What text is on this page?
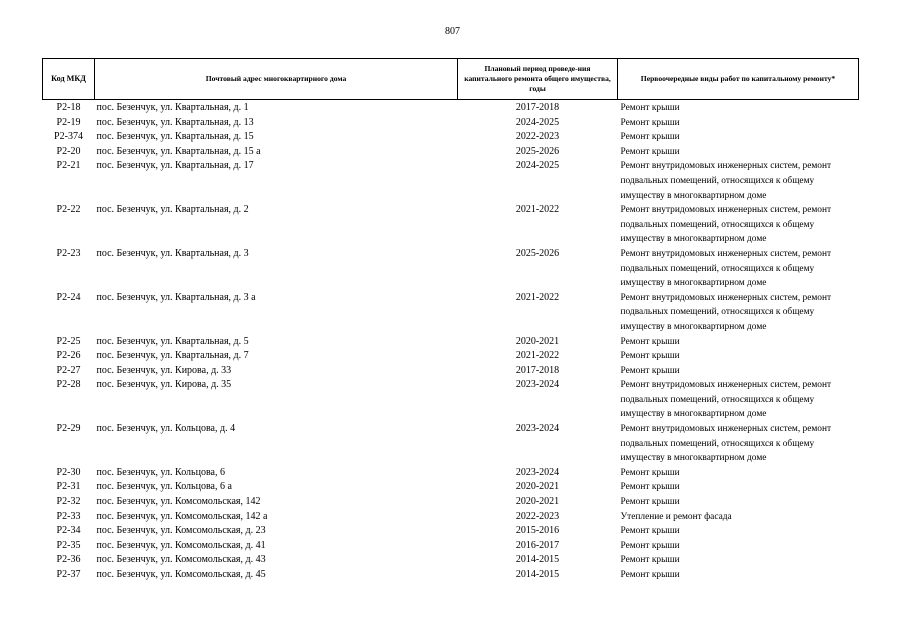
807
Код МКД	Почтовый адрес многоквартирного дома	Плановый период проведе-ния капитального ремонта общего имущества, годы	Первоочередные виды работ по капитальному ремонту*
Р2-18	пос. Безенчук, ул. Квартальная, д. 1	2017-2018	Ремонт крыши
Р2-19	пос. Безенчук, ул. Квартальная, д. 13	2024-2025	Ремонт крыши
Р2-374	пос. Безенчук, ул. Квартальная, д. 15	2022-2023	Ремонт крыши
Р2-20	пос. Безенчук, ул. Квартальная, д. 15 а	2025-2026	Ремонт крыши
Р2-21	пос. Безенчук, ул. Квартальная, д. 17	2024-2025	Ремонт внутридомовых инженерных систем, ремонт подвальных помещений, относящихся к общему имуществу в многоквартирном доме
Р2-22	пос. Безенчук, ул. Квартальная, д. 2	2021-2022	Ремонт внутридомовых инженерных систем, ремонт подвальных помещений, относящихся к общему имуществу в многоквартирном доме
Р2-23	пос. Безенчук, ул. Квартальная, д. 3	2025-2026	Ремонт внутридомовых инженерных систем, ремонт подвальных помещений, относящихся к общему имуществу в многоквартирном доме
Р2-24	пос. Безенчук, ул. Квартальная, д. 3 а	2021-2022	Ремонт внутридомовых инженерных систем, ремонт подвальных помещений, относящихся к общему имуществу в многоквартирном доме
Р2-25	пос. Безенчук, ул. Квартальная, д. 5	2020-2021	Ремонт крыши
Р2-26	пос. Безенчук, ул. Квартальная, д. 7	2021-2022	Ремонт крыши
Р2-27	пос. Безенчук, ул. Кирова, д. 33	2017-2018	Ремонт крыши
Р2-28	пос. Безенчук, ул. Кирова, д. 35	2023-2024	Ремонт внутридомовых инженерных систем, ремонт подвальных помещений, относящихся к общему имуществу в многоквартирном доме
Р2-29	пос. Безенчук, ул. Кольцова, д. 4	2023-2024	Ремонт внутридомовых инженерных систем, ремонт подвальных помещений, относящихся к общему имуществу в многоквартирном доме
Р2-30	пос. Безенчук, ул. Кольцова, 6	2023-2024	Ремонт крыши
Р2-31	пос. Безенчук, ул. Кольцова, 6 а	2020-2021	Ремонт крыши
Р2-32	пос. Безенчук, ул. Комсомольская, 142	2020-2021	Ремонт крыши
Р2-33	пос. Безенчук, ул. Комсомольская, 142 а	2022-2023	Утепление и ремонт фасада
Р2-34	пос. Безенчук, ул. Комсомольская, д. 23	2015-2016	Ремонт крыши
Р2-35	пос. Безенчук, ул. Комсомольская, д. 41	2016-2017	Ремонт крыши
Р2-36	пос. Безенчук, ул. Комсомольская, д. 43	2014-2015	Ремонт крыши
Р2-37	пос. Безенчук, ул. Комсомольская, д. 45	2014-2015	Ремонт крыши
